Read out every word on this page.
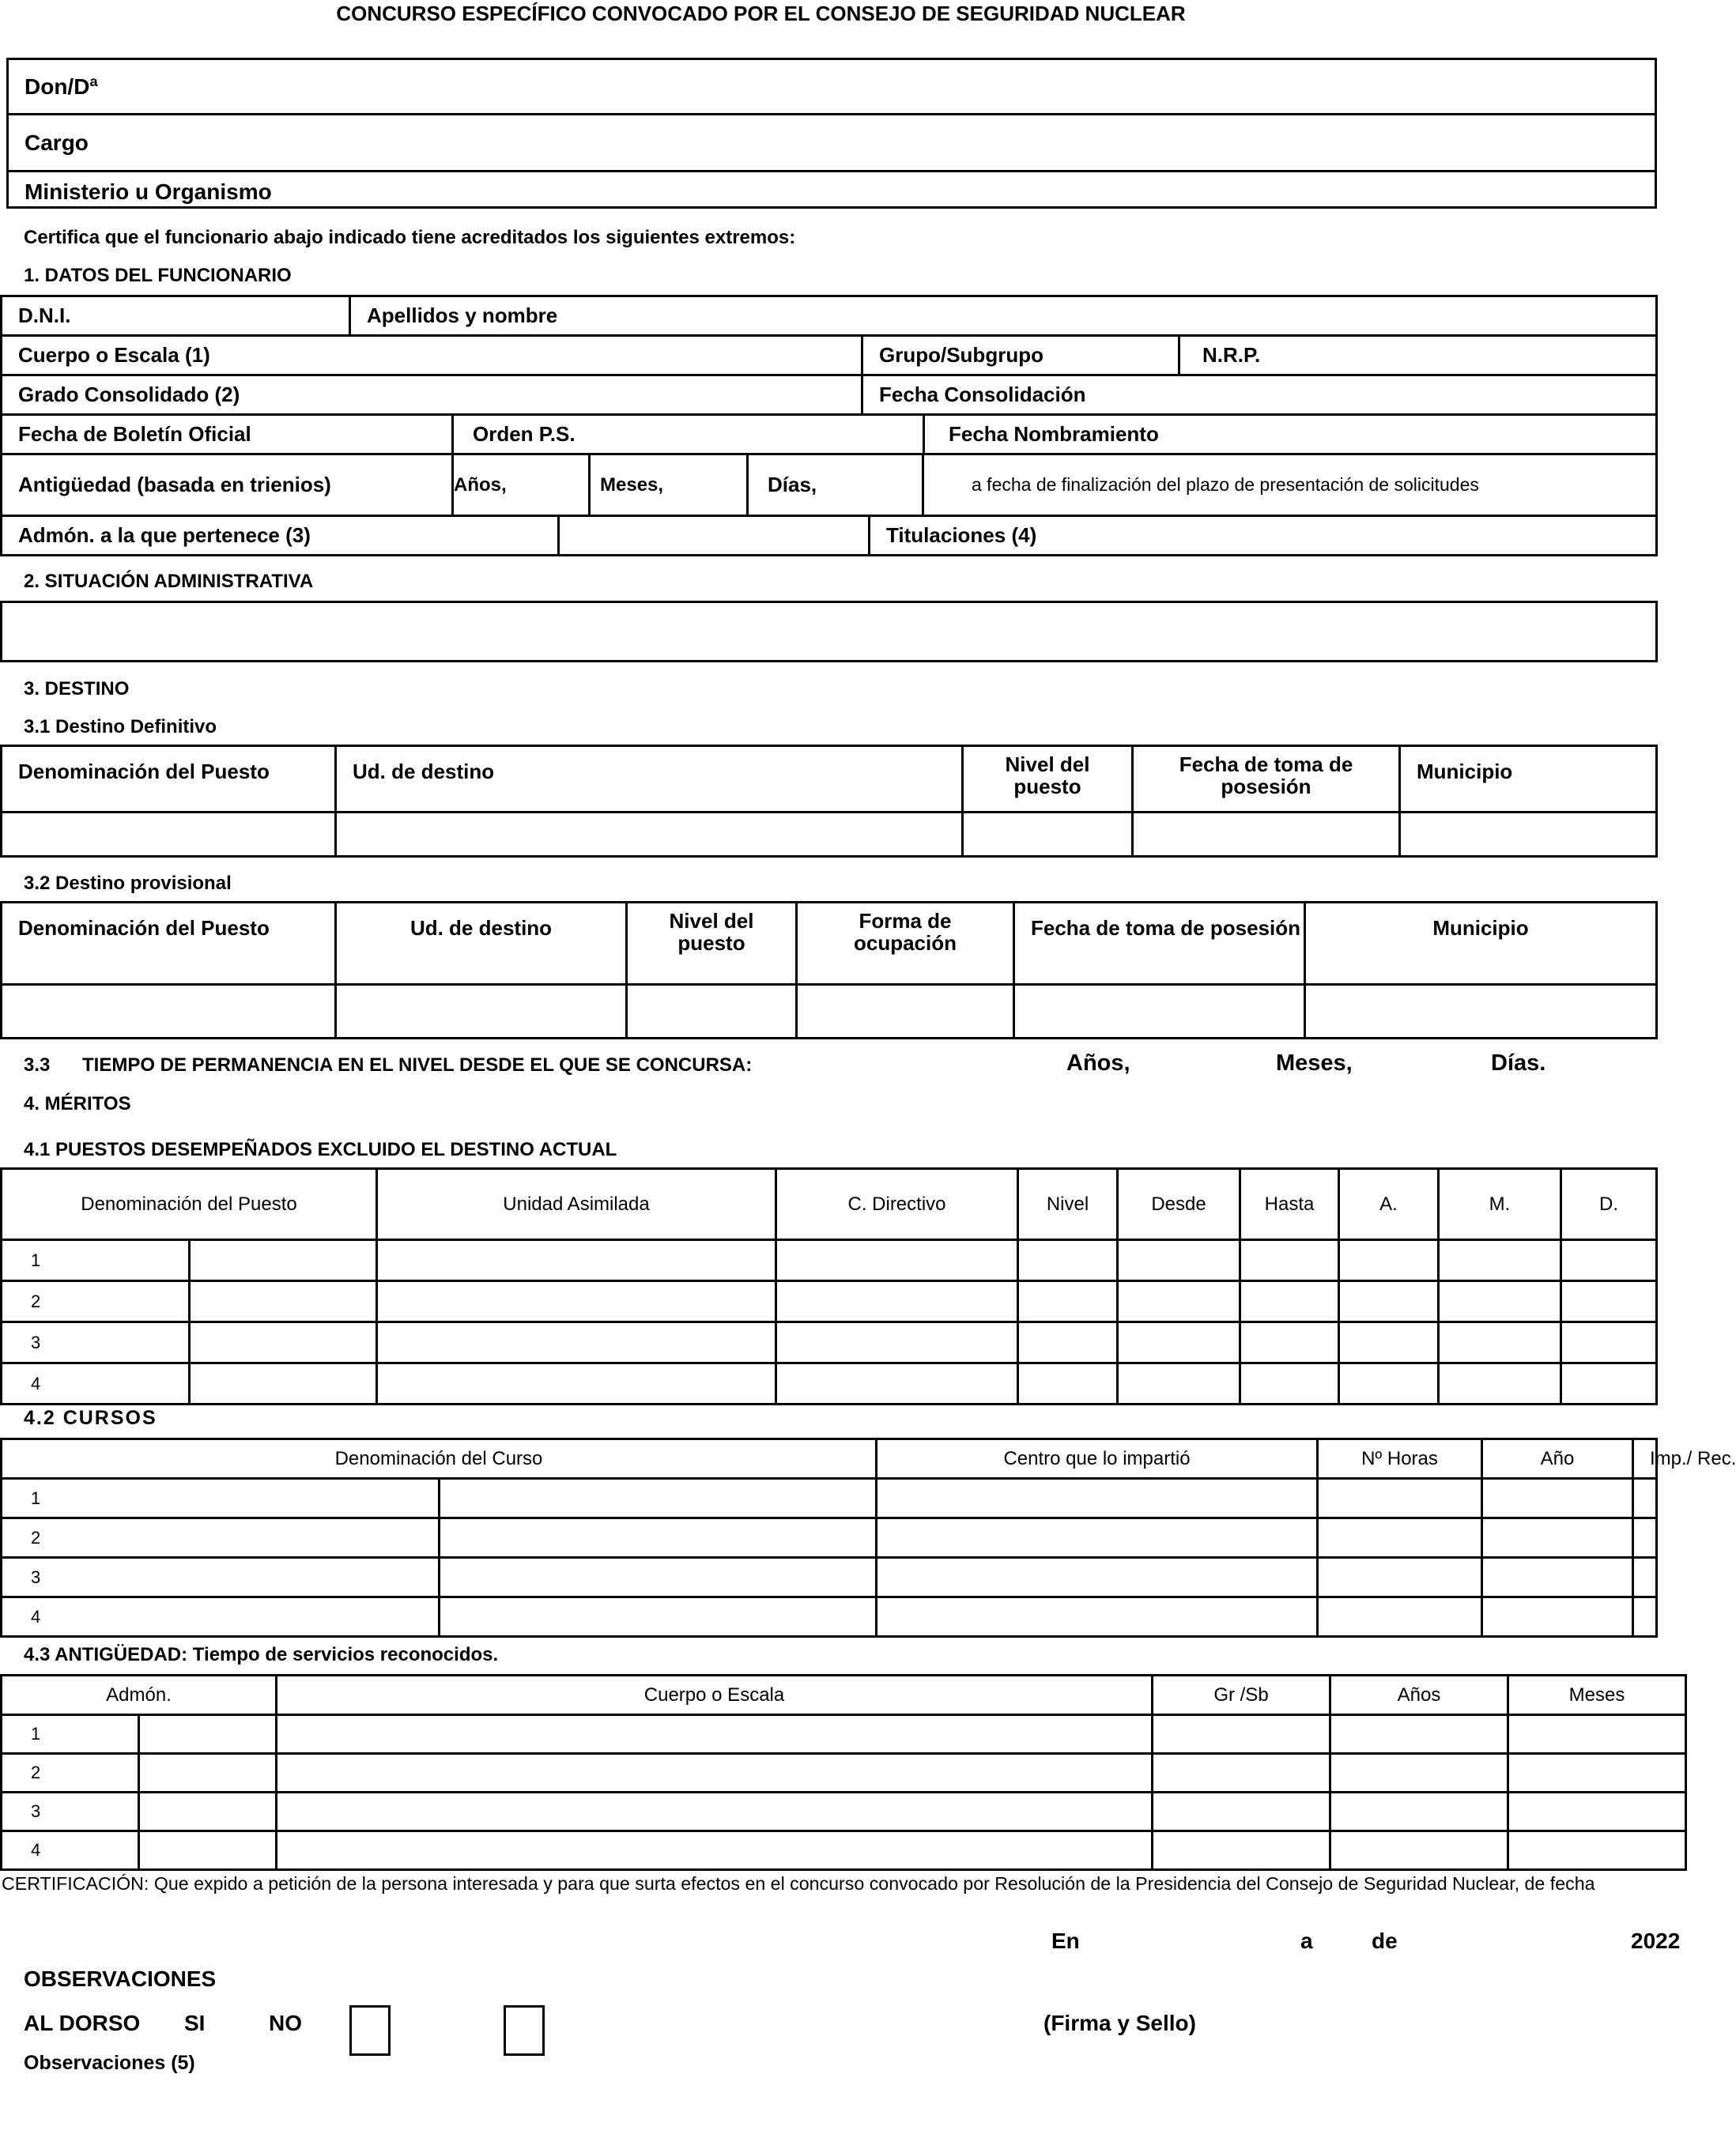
CONCURSO ESPECÍFICO CONVOCADO POR EL CONSEJO DE SEGURIDAD NUCLEAR
Don/Dª
Cargo
Ministerio u Organismo
Certifica que el funcionario abajo indicado tiene acreditados los siguientes extremos:
1. DATOS DEL FUNCIONARIO
D.N.I.	Apellidos y nombre
Cuerpo o Escala (1)	Grupo/Subgrupo	N.R.P.
Grado Consolidado (2)	Fecha Consolidación
Fecha de Boletín Oficial	Orden P.S.	Fecha Nombramiento
Antigüedad (basada en trienios)	Años,	Meses,	Días,	a fecha de finalización del plazo de presentación de solicitudes
Admón. a la que pertenece (3)		Titulaciones (4)
2. SITUACIÓN ADMINISTRATIVA
3. DESTINO
3.1 Destino Definitivo
Denominación del Puesto	Ud. de destino	Nivel del puesto	Fecha de toma de posesión	Municipio

3.2 Destino provisional
Denominación del Puesto	Ud. de destino	Nivel del puesto	Forma de ocupación	Fecha de toma de posesión	Municipio

3.3 TIEMPO DE PERMANENCIA EN EL NIVEL DESDE EL QUE SE CONCURSA:	Años,	Meses,	Días.
4. MÉRITOS
4.1 PUESTOS DESEMPEÑADOS EXCLUIDO EL DESTINO ACTUAL
Denominación del Puesto		Unidad Asimilada	C. Directivo	Nivel	Desde	Hasta	A.	M.	D.
1									
2									
3									
4									
4.2 CURSOS
Denominación del Curso		Centro que lo impartió	Nº Horas	Año	Imp./ Rec.
1					
2					
3					
4					
4.3 ANTIGÜEDAD: Tiempo de servicios reconocidos.
Admón.		Cuerpo o Escala	Gr /Sb	Años	Meses	
1						
2						
3						
4						
CERTIFICACIÓN: Que expido a petición de la persona interesada y para que surta efectos en el concurso convocado por Resolución de la Presidencia del Consejo de Seguridad Nuclear, de fecha
En	a	de	2022
OBSERVACIONES
AL DORSO SI	NO	(Firma y Sello)
Observaciones (5)
